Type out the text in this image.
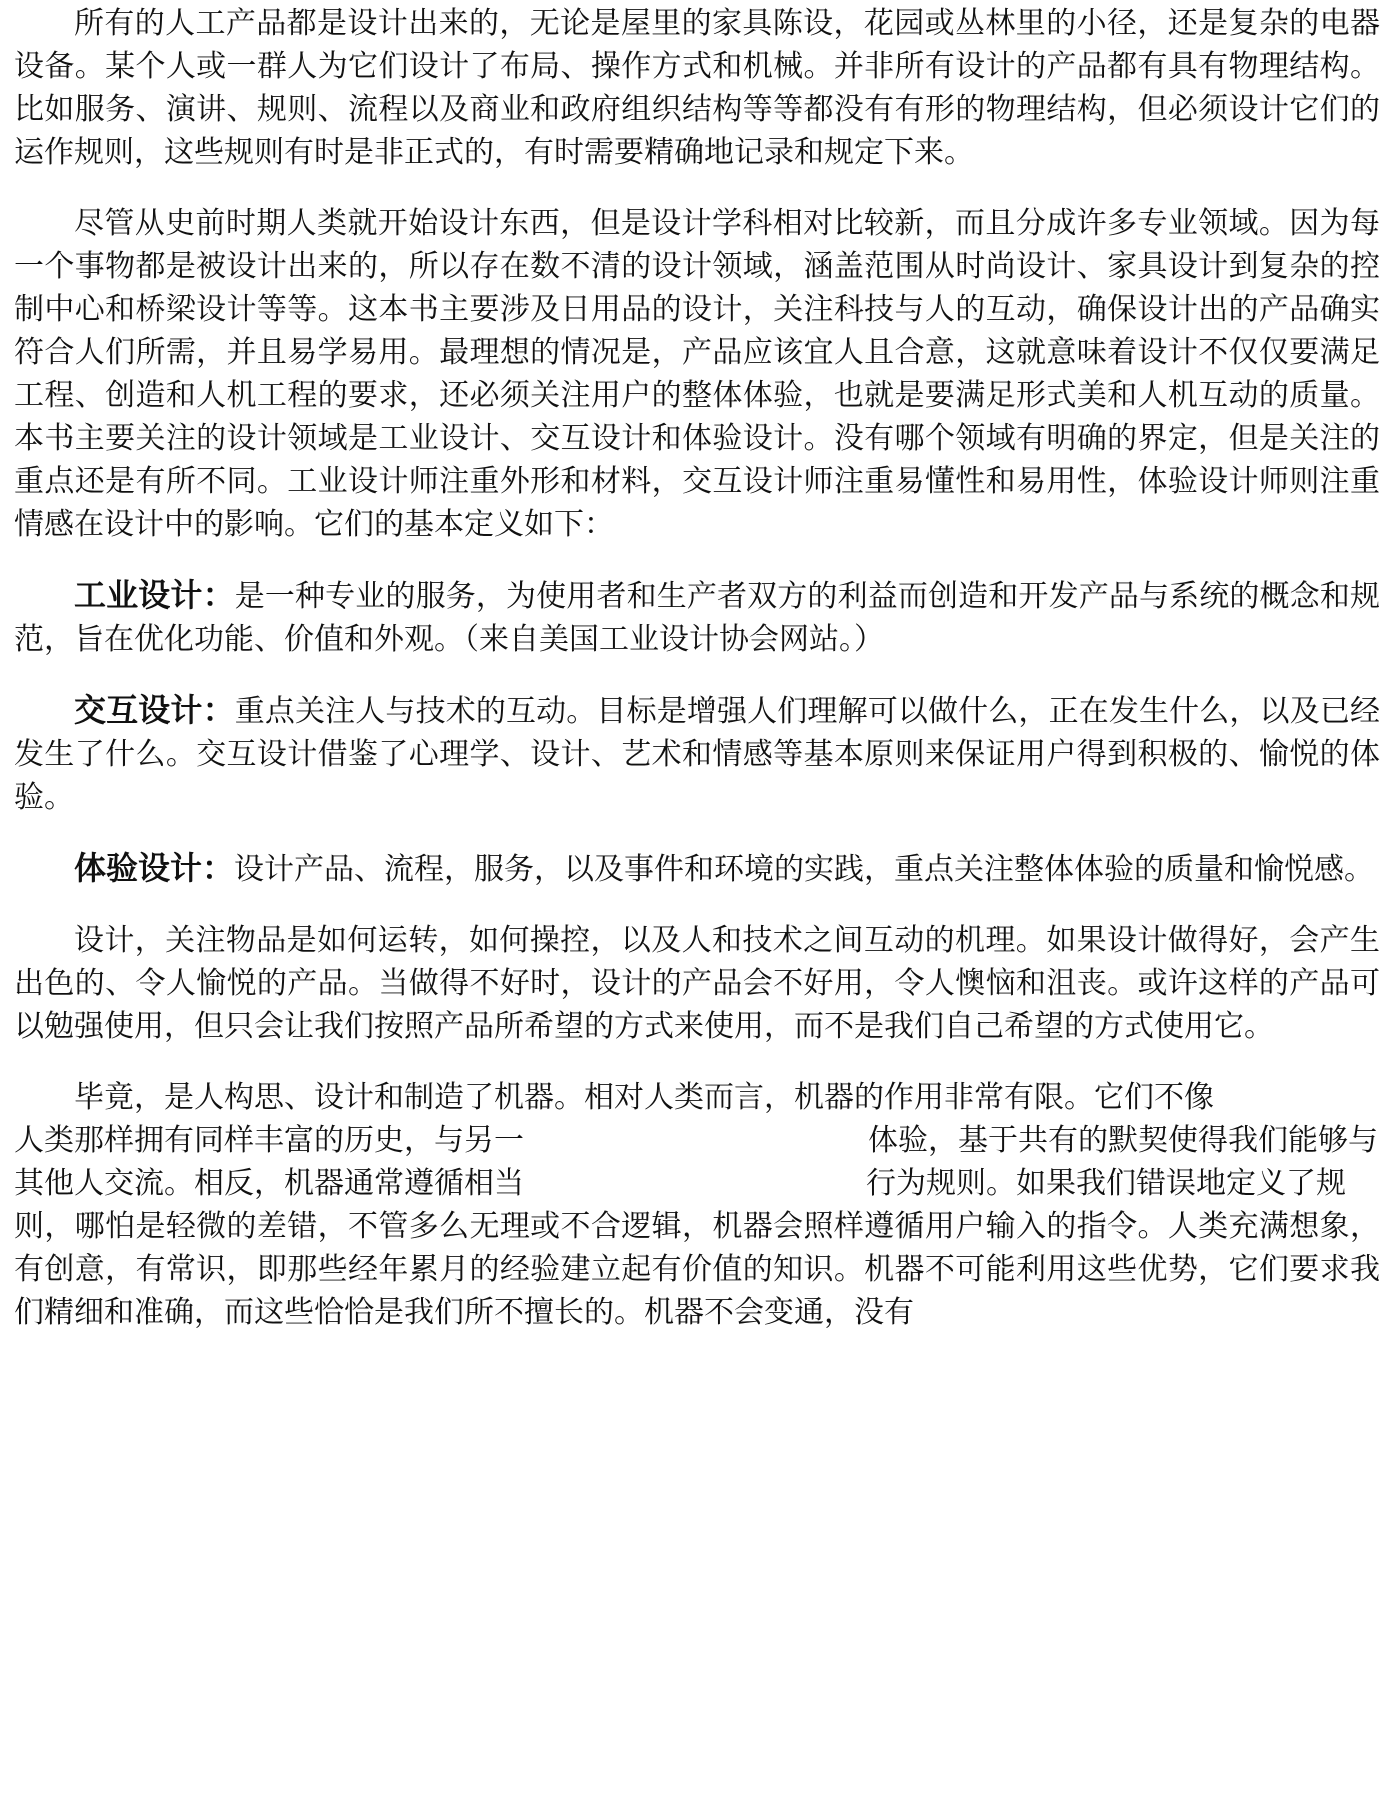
所有的人工产品都是设计出来的，无论是屋里的家具陈设，花园或丛林里的小径，还是复杂的电器设备。某个人或一群人为它们设计了布局、操作方式和机械。并非所有设计的产品都有具有物理结构。比如服务、演讲、规则、流程以及商业和政府组织结构等等都没有有形的物理结构，但必须设计它们的运作规则，这些规则有时是非正式的，有时需要精确地记录和规定下来。

尽管从史前时期人类就开始设计东西，但是设计学科相对比较新，而且分成许多专业领域。因为每一个事物都是被设计出来的，所以存在数不清的设计领域，涵盖范围从时尚设计、家具设计到复杂的控制中心和桥梁设计等等。这本书主要涉及日用品的设计，关注科技与人的互动，确保设计出的产品确实符合人们所需，并且易学易用。最理想的情况是，产品应该宜人且合意，这就意味着设计不仅仅要满足工程、创造和人机工程的要求，还必须关注用户的整体体验，也就是要满足形式美和人机互动的质量。本书主要关注的设计领域是工业设计、交互设计和体验设计。没有哪个领域有明确的界定，但是关注的重点还是有所不同。工业设计师注重外形和材料，交互设计师注重易懂性和易用性，体验设计师则注重情感在设计中的影响。它们的基本定义如下：

工业设计：是一种专业的服务，为使用者和生产者双方的利益而创造和开发产品与系统的概念和规范，旨在优化功能、价值和外观。（来自美国工业设计协会网站。）

交互设计：重点关注人与技术的互动。目标是增强人们理解可以做什么，正在发生什么，以及已经发生了什么。交互设计借鉴了心理学、设计、艺术和情感等基本原则来保证用户得到积极的、愉悦的体验。

体验设计：设计产品、流程，服务，以及事件和环境的实践，重点关注整体体验的质量和愉悦感。

设计，关注物品是如何运转，如何操控，以及人和技术之间互动的机理。如果设计做得好，会产生出色的、令人愉悦的产品。当做得不好时，设计的产品会不好用，令人懊恼和沮丧。或许这样的产品可以勉强使用，但只会让我们按照产品所希望的方式来使用，而不是我们自己希望的方式使用它。

毕竟，是人构思、设计和制造了机器。相对人类而言，机器的作用非常有限。它们不像
人类那样拥有同样丰富的历史，与另一	体验，基于共有的默契使得我们能够与
其他人交流。相反，机器通常遵循相当	行为规则。如果我们错误地定义了规
则，哪怕是轻微的差错，不管多么无理或不合逻辑，机器会照样遵循用户输入的指令。人类充满想象，有创意，有常识，即那些经年累月的经验建立起有价值的知识。机器不可能利用这些优势，它们要求我们精细和准确，而这些恰恰是我们所不擅长的。机器不会变通，没有
